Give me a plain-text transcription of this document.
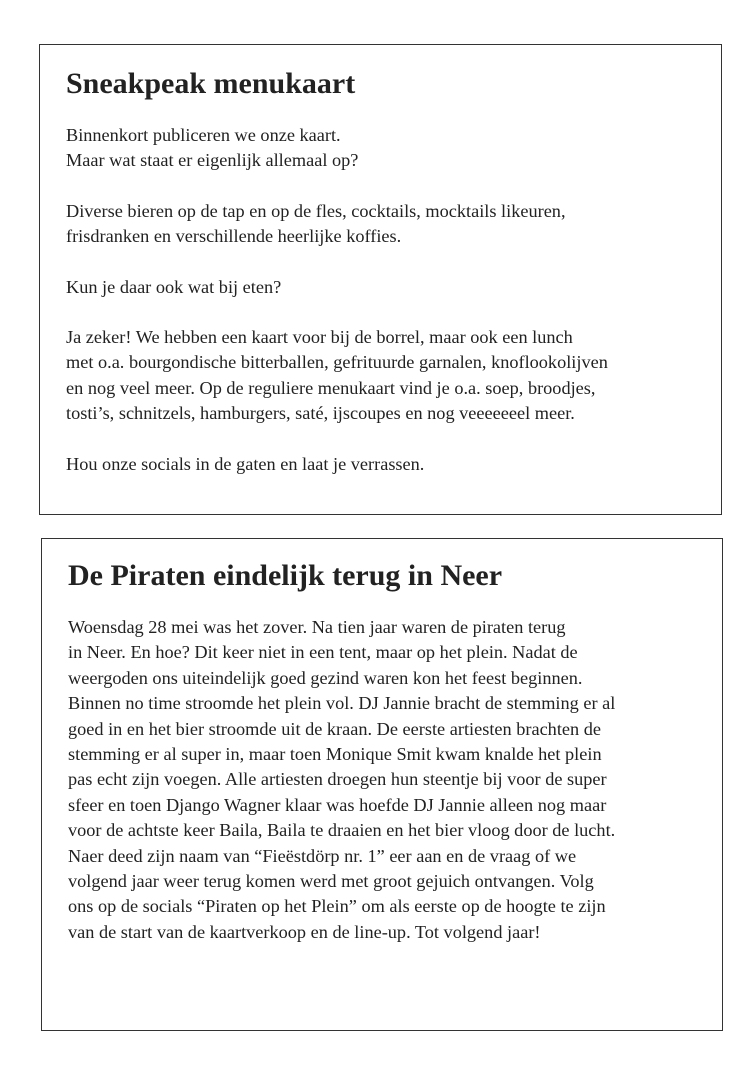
Sneakpeak menukaart

Binnenkort publiceren we onze kaart.
Maar wat staat er eigenlijk allemaal op?

Diverse bieren op de tap en op de fles, cocktails, mocktails likeuren,
frisdranken en verschillende heerlijke koffies.

Kun je daar ook wat bij eten?

Ja zeker! We hebben een kaart voor bij de borrel, maar ook een lunch
met o.a. bourgondische bitterballen, gefrituurde garnalen, knoflookolijven
en nog veel meer. Op de reguliere menukaart vind je o.a. soep, broodjes,
tosti’s, schnitzels, hamburgers, saté, ijscoupes en nog veeeeeeel meer.

Hou onze socials in de gaten en laat je verrassen.

De Piraten eindelijk terug in Neer

Woensdag 28 mei was het zover. Na tien jaar waren de piraten terug
in Neer. En hoe? Dit keer niet in een tent, maar op het plein. Nadat de
weergoden ons uiteindelijk goed gezind waren kon het feest beginnen.
Binnen no time stroomde het plein vol. DJ Jannie bracht de stemming er al
goed in en het bier stroomde uit de kraan. De eerste artiesten brachten de
stemming er al super in, maar toen Monique Smit kwam knalde het plein
pas echt zijn voegen. Alle artiesten droegen hun steentje bij voor de super
sfeer en toen Django Wagner klaar was hoefde DJ Jannie alleen nog maar
voor de achtste keer Baila, Baila te draaien en het bier vloog door de lucht.
Naer deed zijn naam van “Fieëstdörp nr. 1” eer aan en de vraag of we
volgend jaar weer terug komen werd met groot gejuich ontvangen. Volg
ons op de socials “Piraten op het Plein” om als eerste op de hoogte te zijn
van de start van de kaartverkoop en de line-up. Tot volgend jaar!
